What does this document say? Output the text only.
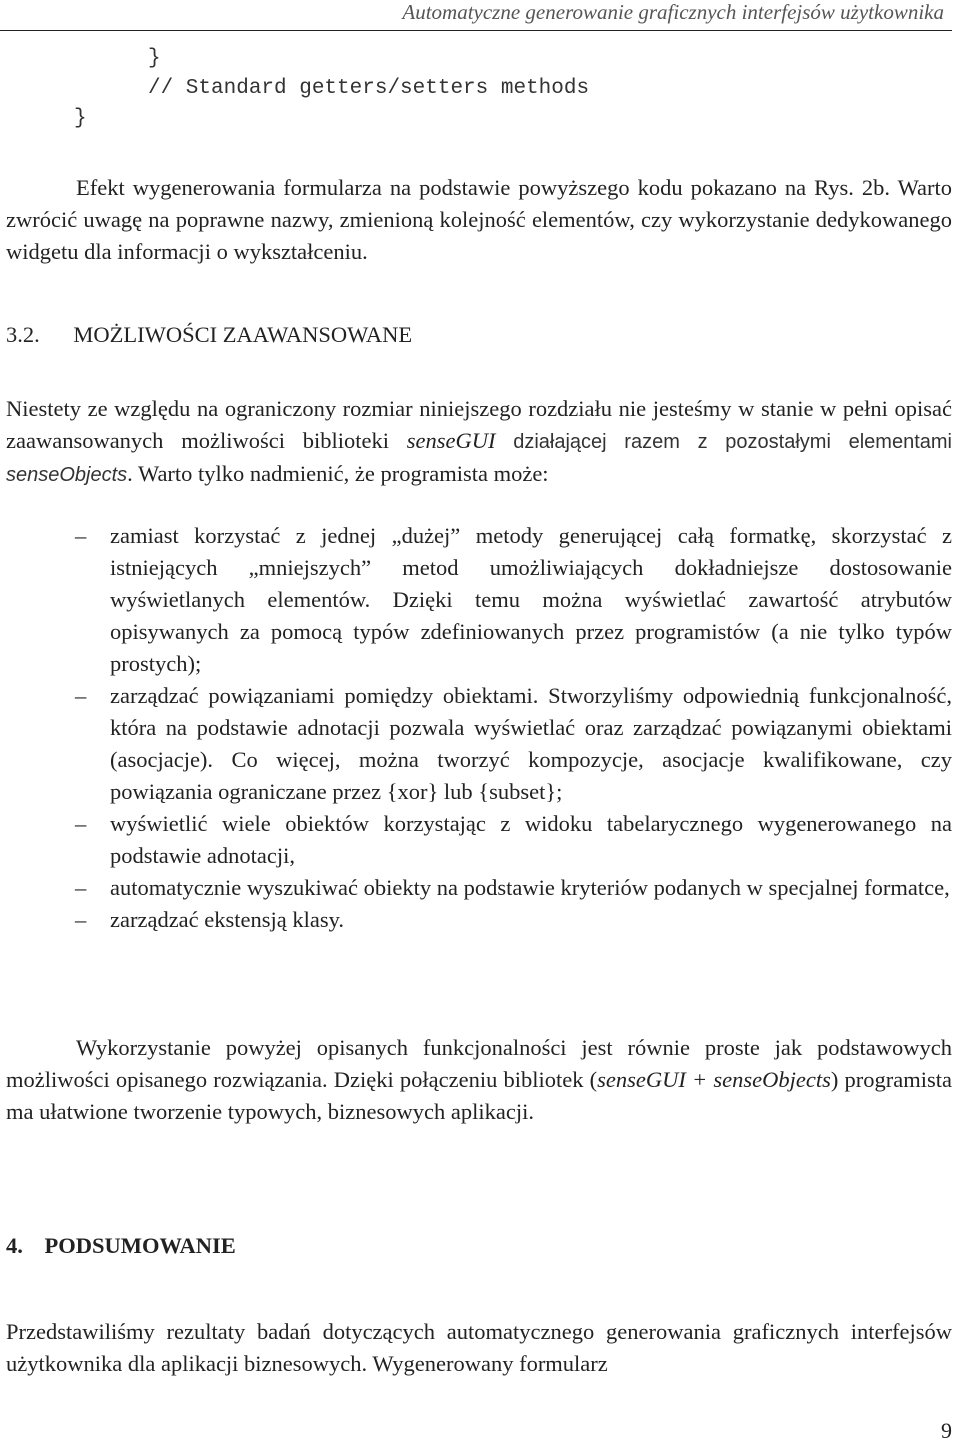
Automatyczne generowanie graficznych interfejsów użytkownika
}
// Standard getters/setters methods
}
Efekt wygenerowania formularza na podstawie powyższego kodu pokazano na Rys. 2b. Warto zwrócić uwagę na poprawne nazwy, zmienioną kolejność elementów, czy wykorzystanie dedykowanego widgetu dla informacji o wykształceniu.
3.2. MOŻLIWOŚCI ZAAWANSOWANE
Niestety ze względu na ograniczony rozmiar niniejszego rozdziału nie jesteśmy w stanie w pełni opisać zaawansowanych możliwości biblioteki senseGUI działającej razem z pozostałymi elementami senseObjects. Warto tylko nadmienić, że programista może:
– zamiast korzystać z jednej „dużej” metody generującej całą formatkę, skorzystać z istniejących „mniejszych” metod umożliwiających dokładniejsze dostosowanie wyświetlanych elementów. Dzięki temu można wyświetlać zawartość atrybutów opisywanych za pomocą typów zdefiniowanych przez programistów (a nie tylko typów prostych);
– zarządzać powiązaniami pomiędzy obiektami. Stworzyliśmy odpowiednią funkcjonalność, która na podstawie adnotacji pozwala wyświetlać oraz zarządzać powiązanymi obiektami (asocjacje). Co więcej, można tworzyć kompozycje, asocjacje kwalifikowane, czy powiązania ograniczane przez {xor} lub {subset};
– wyświetlić wiele obiektów korzystając z widoku tabelarycznego wygenerowanego na podstawie adnotacji,
– automatycznie wyszukiwać obiekty na podstawie kryteriów podanych w specjalnej formatce,
– zarządzać ekstensją klasy.
Wykorzystanie powyżej opisanych funkcjonalności jest równie proste jak podstawowych możliwości opisanego rozwiązania. Dzięki połączeniu bibliotek (senseGUI + senseObjects) programista ma ułatwione tworzenie typowych, biznesowych aplikacji.
4. PODSUMOWANIE
Przedstawiliśmy rezultaty badań dotyczących automatycznego generowania graficznych interfejsów użytkownika dla aplikacji biznesowych. Wygenerowany formularz
9
